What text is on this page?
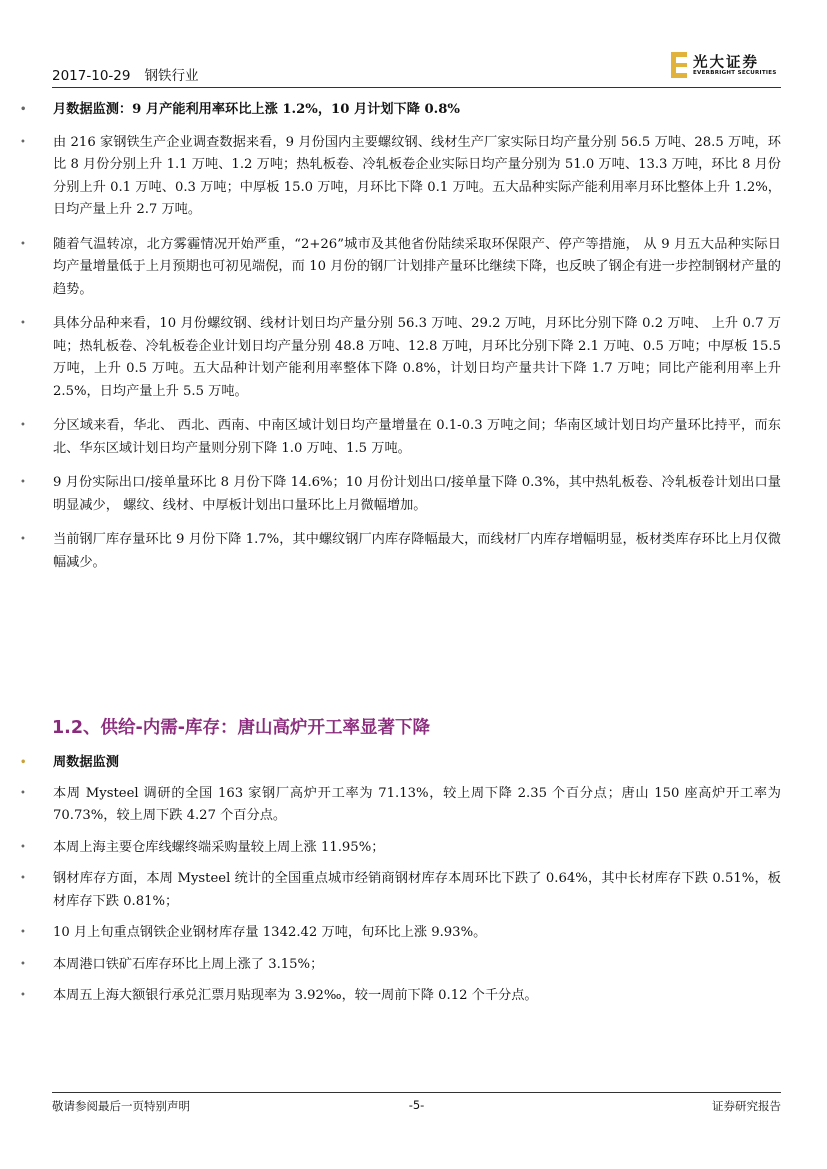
2017-10-29 钢铁行业
光大证券
EVERBRIGHT SECURITIES
•	月数据监测：9 月产能利用率环比上涨 1.2%，10 月计划下降 0.8%
•	由 216 家钢铁生产企业调查数据来看，9 月份国内主要螺纹钢、线材生产厂家实际日均产量分别 56.5 万吨、28.5 万吨，环比 8 月份分别上升 1.1 万吨、1.2 万吨；热轧板卷、冷轧板卷企业实际日均产量分别为 51.0 万吨、13.3 万吨，环比 8 月份分别上升 0.1 万吨、0.3 万吨；中厚板 15.0 万吨，月环比下降 0.1 万吨。五大品种实际产能利用率月环比整体上升 1.2%，日均产量上升 2.7 万吨。
•	随着气温转凉，北方雾霾情况开始严重，“2+26”城市及其他省份陆续采取环保限产、停产等措施， 从 9 月五大品种实际日均产量增量低于上月预期也可初见端倪，而 10 月份的钢厂计划排产量环比继续下降，也反映了钢企有进一步控制钢材产量的趋势。
•	具体分品种来看，10 月份螺纹钢、线材计划日均产量分别 56.3 万吨、29.2 万吨，月环比分别下降 0.2 万吨、 上升 0.7 万吨；热轧板卷、冷轧板卷企业计划日均产量分别 48.8 万吨、12.8 万吨，月环比分别下降 2.1 万吨、0.5 万吨；中厚板 15.5 万吨，上升 0.5 万吨。五大品种计划产能利用率整体下降 0.8%，计划日均产量共计下降 1.7 万吨；同比产能利用率上升 2.5%，日均产量上升 5.5 万吨。
•	分区域来看，华北、 西北、西南、中南区域计划日均产量增量在 0.1-0.3 万吨之间；华南区域计划日均产量环比持平，而东北、华东区域计划日均产量则分别下降 1.0 万吨、1.5 万吨。
•	9 月份实际出口/接单量环比 8 月份下降 14.6%；10 月份计划出口/接单量下降 0.3%，其中热轧板卷、冷轧板卷计划出口量明显减少， 螺纹、线材、中厚板计划出口量环比上月微幅增加。
•	当前钢厂库存量环比 9 月份下降 1.7%，其中螺纹钢厂内库存降幅最大，而线材厂内库存增幅明显，板材类库存环比上月仅微幅减少。
1.2、供给-内需-库存：唐山高炉开工率显著下降
•	周数据监测
•	本周 Mysteel 调研的全国 163 家钢厂高炉开工率为 71.13%，较上周下降 2.35 个百分点；唐山 150 座高炉开工率为 70.73%，较上周下跌 4.27 个百分点。
•	本周上海主要仓库线螺终端采购量较上周上涨 11.95%；
•	钢材库存方面，本周 Mysteel 统计的全国重点城市经销商钢材库存本周环比下跌了 0.64%，其中长材库存下跌 0.51%，板材库存下跌 0.81%；
•	10 月上旬重点钢铁企业钢材库存量 1342.42 万吨，旬环比上涨 9.93%。
•	本周港口铁矿石库存环比上周上涨了 3.15%；
•	本周五上海大额银行承兑汇票月贴现率为 3.92‰，较一周前下降 0.12 个千分点。
敬请参阅最后一页特别声明	-5-	证券研究报告
